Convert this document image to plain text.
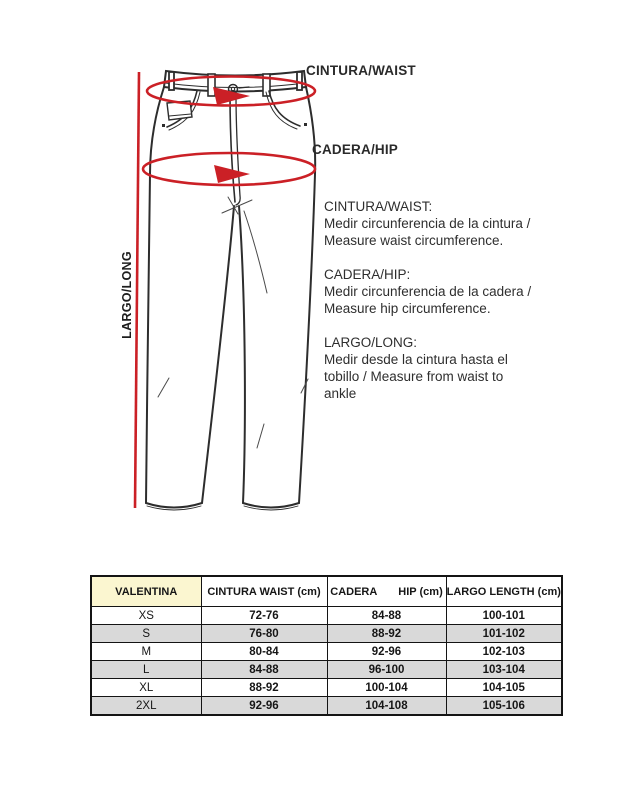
CINTURA/WAIST
CADERA/HIP
LARGO/LONG
CINTURA/WAIST:
Medir circunferencia de la cintura /
Measure waist circumference.
CADERA/HIP:
Medir circunferencia de la cadera /
Measure hip circumference.
LARGO/LONG:
Medir desde la cintura hasta el
tobillo / Measure from waist to
ankle
VALENTINA	CINTURA WAIST (cm)	CADERA       HIP (cm)	LARGO LENGTH (cm)
XS	72-76	84-88	100-101
S	76-80	88-92	101-102
M	80-84	92-96	102-103
L	84-88	96-100	103-104
XL	88-92	100-104	104-105
2XL	92-96	104-108	105-106
